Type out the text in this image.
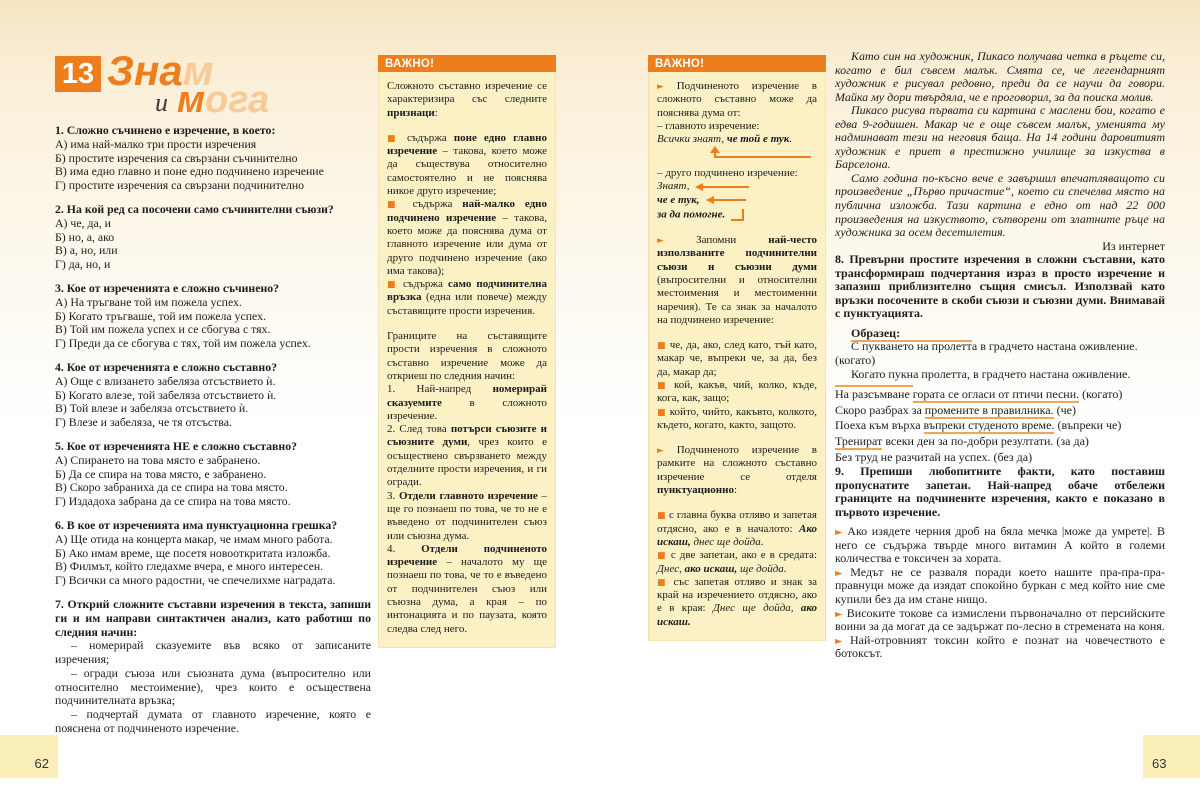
13 Знам
и мога
1. Сложно съчинено е изречение, в което:
А) има най-малко три прости изречения
Б) простите изречения са свързани съчинително
В) има едно главно и поне едно подчинено изречение
Г) простите изречения са свързани подчинително
2. На кой ред са посочени само съчинителни съюзи?
А) че, да, и
Б) но, а, ако
В) а, но, или
Г) да, но, и
3. Кое от изреченията е сложно съчинено?
А) На тръгване той им пожела успех.
Б) Когато тръгваше, той им пожела успех.
В) Той им пожела успех и се сбогува с тях.
Г) Преди да се сбогува с тях, той им пожела успех.
4. Кое от изреченията е сложно съставно?
А) Още с влизането забеляза отсъствието ѝ.
Б) Когато влезе, той забеляза отсъствието ѝ.
В) Той влезе и забеляза отсъствието ѝ.
Г) Влезе и забеляза, че тя отсъства.
5. Кое от изреченията НЕ е сложно съставно?
А) Спирането на това място е забранено.
Б) Да се спира на това място, е забранено.
В) Скоро забраниха да се спира на това място.
Г) Издадоха забрана да се спира на това място.
6. В кое от изреченията има пунктуационна грешка?
А) Ще отида на концерта макар, че имам много работа.
Б) Ако имам време, ще посетя новооткритата изложба.
В) Филмът, който гледахме вчера, е много интересен.
Г) Всички са много радостни, че спечелихме наградата.
7. Открий сложните съставни изречения в текста, запиши ги и им направи синтактичен анализ, като работиш по следния начин:
– номерирай сказуемите във всяко от записаните изречения;
– огради съюза или съюзната дума (въпросително или относително местоимение), чрез които е осъществена подчинителната връзка;
– подчертай думата от главното изречение, която е пояснена от подчиненото изречение.
ВАЖНО!

Сложното съставно изречение се характеризира със следните признаци:

■ съдържа поне едно главно изречение – такова, което може да съществува относително самостоятелно и не пояснява никое друго изречение;

■ съдържа най-малко едно подчинено изречение – такова, което може да пояснява дума от главното изречение или дума от друго подчинено изречение (ако има такова);

■ съдържа само подчинителна връзка (една или повече) между съставящите прости изречения.

Границите на съставящите прости изречения в сложното съставно изречение може да откриеш по следния начин:

1. Най-напред номерирай сказуемите в сложното изречение.

2. След това потърси съюзите и съюзните думи, чрез които е осъществено свързването между отделните прости изречения, и ги огради.

3. Отдели главното изречение – ще го познаеш по това, че то не е въведено от подчинителен съюз или съюзна дума.

4. Отдели подчиненото изречение – началото му ще познаеш по това, че то е въведено от подчинителен съюз или съюзна дума, а края – по интонацията и по паузата, която следва след него.

ВАЖНО!

► Подчиненото изречение в сложното съставно може да пояснява дума от:

– главното изречение:

Всички знаят, че той е тук.

– друго подчинено изречение:

Знаят,
че е тук,
за да помогне.

► Запомни най-често използваните подчинителни съюзи и съюзни думи (въпросителни и относителни местоимения и местоименни наречия). Те са знак за началото на подчинено изречение:

■ че, да, ако, след като, тъй като, макар че, въпреки че, за да, без да, макар да;

■ кой, какъв, чий, колко, къде, кога, как, защо;

■ който, чийто, какъвто, колкото, където, когато, както, защото.

► Подчиненото изречение в рамките на сложното съставно изречение се отделя пунктуационно:

■ с главна буква отляво и запетая отдясно, ако е в началото: Ако искаш, днес ще дойда.

■ с две запетаи, ако е в средата: Днес, ако искаш, ще дойда.

■ със запетая отляво и знак за край на изречението отдясно, ако е в края: Днес ще дойда, ако искаш.

Като син на художник, Пикасо получава четка в ръцете си, когато е бил съвсем малък. Смята се, че легендарният художник е рисувал редовно, преди да се научи да говори. Майка му дори твърдяла, че е проговорил, за да поиска молив.

Пикасо рисува първата си картина с маслени бои, когато е едва 9-годишен. Макар че е още съвсем малък, уменията му надминават тези на неговия баща. На 14 години даровитият художник е приет в престижно училище за изкуства в Барселона.

Само година по-късно вече е завършил впечатляващото си произведение „Първо причастие“, което си спечелва място на публична изложба. Тази картина е едно от над 22 000 произведения на изкуството, сътворени от златните ръце на художника за осем десетилетия.

Из интернет

8. Превърни простите изречения в сложни съставни, като трансформираш подчертания израз в просто изречение и запазиш приблизително същия смисъл. Използвай като връзки посочените в скоби съюзи и съюзни думи. Внимавай с пунктуацията.

Образец:

С пукването на пролетта в градчето настана оживление.

(когато)

Когато пукна пролетта, в градчето настана оживление.

На разсъмване гората се огласи от птичи песни. (когато)
Скоро разбрах за промените в правилника. (че)
Поеха към върха въпреки студеното време. (въпреки че)
Тренират всеки ден за по-добри резултати. (за да)
Без труд не разчитай на успех. (без да)

9. Препиши любопитните факти, като поставиш пропуснатите запетаи. Най-напред обаче отбележи границите на подчинените изречения, както е показано в първото изречение.

► Ако изядете черния дроб на бяла мечка |може да умрете|. В него се съдържа твърде много витамин А който в големи количества е токсичен за хората.

► Медът не се разваля поради което нашите пра-пра-пра-правнуци може да изядат спокойно буркан с мед който ние сме купили без да им стане нищо.

► Високите токове са измислени първоначално от персийските воини за да могат да се задържат по-лесно в стремената на коня.

► Най-отровният токсин който е познат на човечеството е ботоксът.

62	63
